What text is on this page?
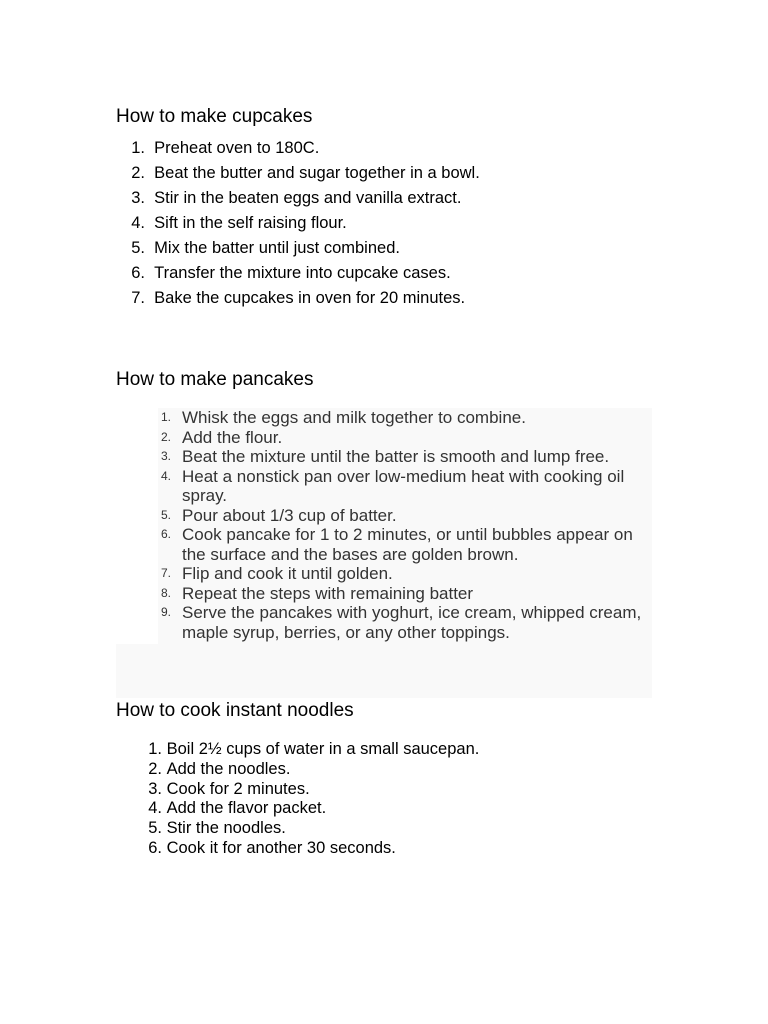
How to make cupcakes
1.
Preheat oven to 180C.
2.
Beat the butter and sugar together in a bowl.
3.
Stir in the beaten eggs and vanilla extract.
4.
Sift in the self raising flour.
5.
Mix the batter until just combined.
6.
Transfer the mixture into cupcake cases.
7.
Bake the cupcakes in oven for 20 minutes.
How to make pancakes
1. Whisk the eggs and milk together to combine.
2. Add the flour.
3. Beat the mixture until the batter is smooth and lump free.
4. Heat a nonstick pan over low-medium heat with cooking oil spray.
5. Pour about 1/3 cup of batter.
6. Cook pancake for 1 to 2 minutes, or until bubbles appear on the surface and the bases are golden brown.
7. Flip and cook it until golden.
8. Repeat the steps with remaining batter
9. Serve the pancakes with yoghurt, ice cream, whipped cream, maple syrup, berries, or any other toppings.
How to cook instant noodles
1.
Boil 2½ cups of water in a small saucepan.
2.
Add the noodles.
3.
Cook for 2 minutes.
4.
Add the flavor packet.
5.
Stir the noodles.
6.
Cook it for another 30 seconds.
